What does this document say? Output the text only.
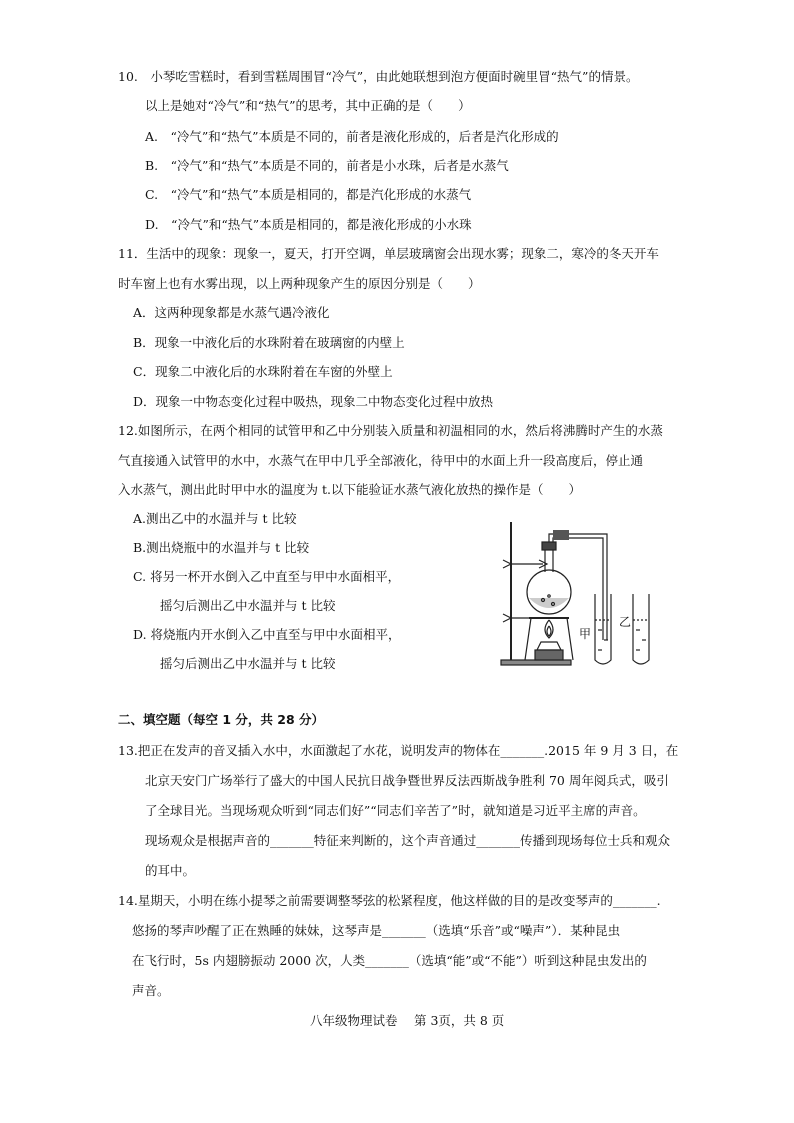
10.　小琴吃雪糕时，看到雪糕周围冒“冷气”，由此她联想到泡方便面时碗里冒“热气”的情景。
以上是她对“冷气”和“热气”的思考，其中正确的是（　　）
A.　“冷气”和“热气”本质是不同的，前者是液化形成的，后者是汽化形成的
B.　“冷气”和“热气”本质是不同的，前者是小水珠，后者是水蒸气
C.　“冷气”和“热气”本质是相同的，都是汽化形成的水蒸气
D.　“冷气”和“热气”本质是相同的，都是液化形成的小水珠
11．生活中的现象：现象一，夏天，打开空调，单层玻璃窗会出现水雾；现象二，寒冷的冬天开车
时车窗上也有水雾出现，以上两种现象产生的原因分别是（　　）
A．这两种现象都是水蒸气遇冷液化
B．现象一中液化后的水珠附着在玻璃窗的内壁上
C．现象二中液化后的水珠附着在车窗的外壁上
D．现象一中物态变化过程中吸热，现象二中物态变化过程中放热
12.如图所示，在两个相同的试管甲和乙中分别装入质量和初温相同的水，然后将沸腾时产生的水蒸
气直接通入试管甲的水中，水蒸气在甲中几乎全部液化，待甲中的水面上升一段高度后，停止通
入水蒸气，测出此时甲中水的温度为 t.以下能验证水蒸气液化放热的操作是（　　）
A.测出乙中的水温并与 t 比较
B.测出烧瓶中的水温并与 t 比较
C. 将另一杯开水倒入乙中直至与甲中水面相平，
摇匀后测出乙中水温并与 t 比较
D. 将烧瓶内开水倒入乙中直至与甲中水面相平，
摇匀后测出乙中水温并与 t 比较
甲
乙
二、填空题（每空 1 分，共 28 分）
13.把正在发声的音叉插入水中，水面激起了水花，说明发声的物体在_______.2015 年 9 月 3 日，在
北京天安门广场举行了盛大的中国人民抗日战争暨世界反法西斯战争胜利 70 周年阅兵式，吸引
了全球目光。当现场观众听到“同志们好”“同志们辛苦了”时，就知道是习近平主席的声音。
现场观众是根据声音的_______特征来判断的，这个声音通过_______传播到现场每位士兵和观众
的耳中。
14.星期天，小明在练小提琴之前需要调整琴弦的松紧程度，他这样做的目的是改变琴声的_______.
悠扬的琴声吵醒了正在熟睡的妹妹，这琴声是_______（选填“乐音”或“噪声”）．某种昆虫
在飞行时，5s 内翅膀振动 2000 次，人类_______（选填“能”或“不能”）听到这种昆虫发出的
声音。
八年级物理试卷　 第 3页，共 8 页
